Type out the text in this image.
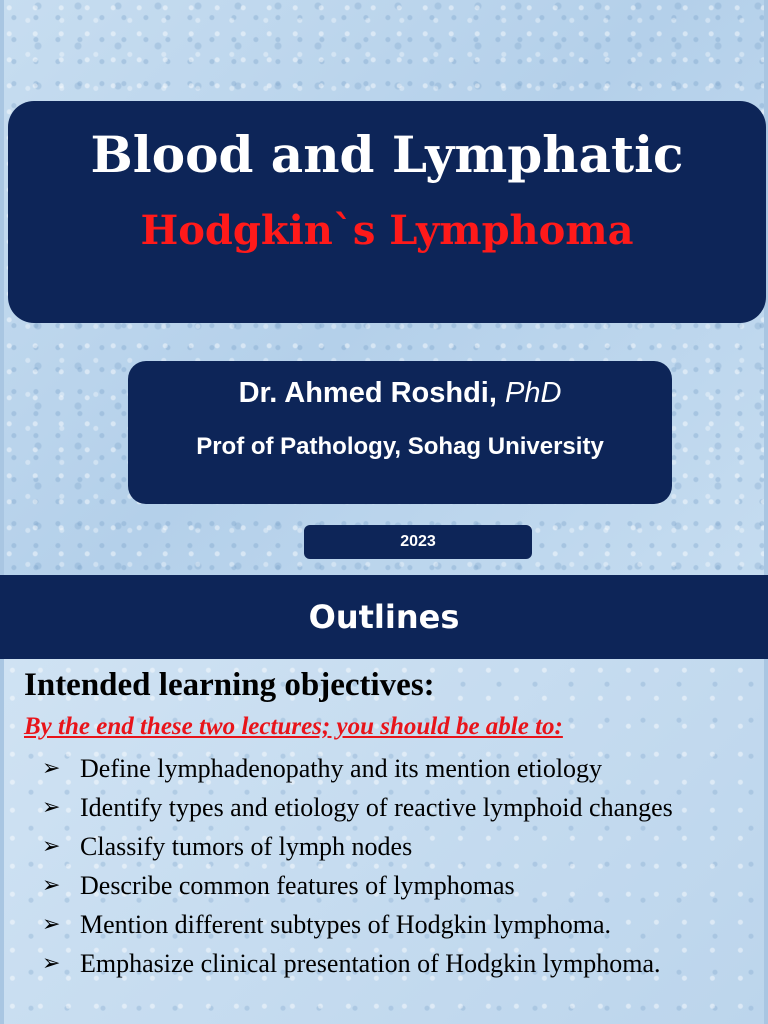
Blood and Lymphatic
Hodgkin`s Lymphoma
Dr. Ahmed Roshdi, PhD
Prof of Pathology, Sohag University
2023
Outlines
Intended learning objectives:
By the end these two lectures; you should be able to:
➢ Define lymphadenopathy and its mention etiology
➢ Identify types and etiology of reactive lymphoid changes
➢ Classify tumors of lymph nodes
➢ Describe common features of lymphomas
➢ Mention different subtypes of Hodgkin lymphoma.
➢ Emphasize clinical presentation of Hodgkin lymphoma.
